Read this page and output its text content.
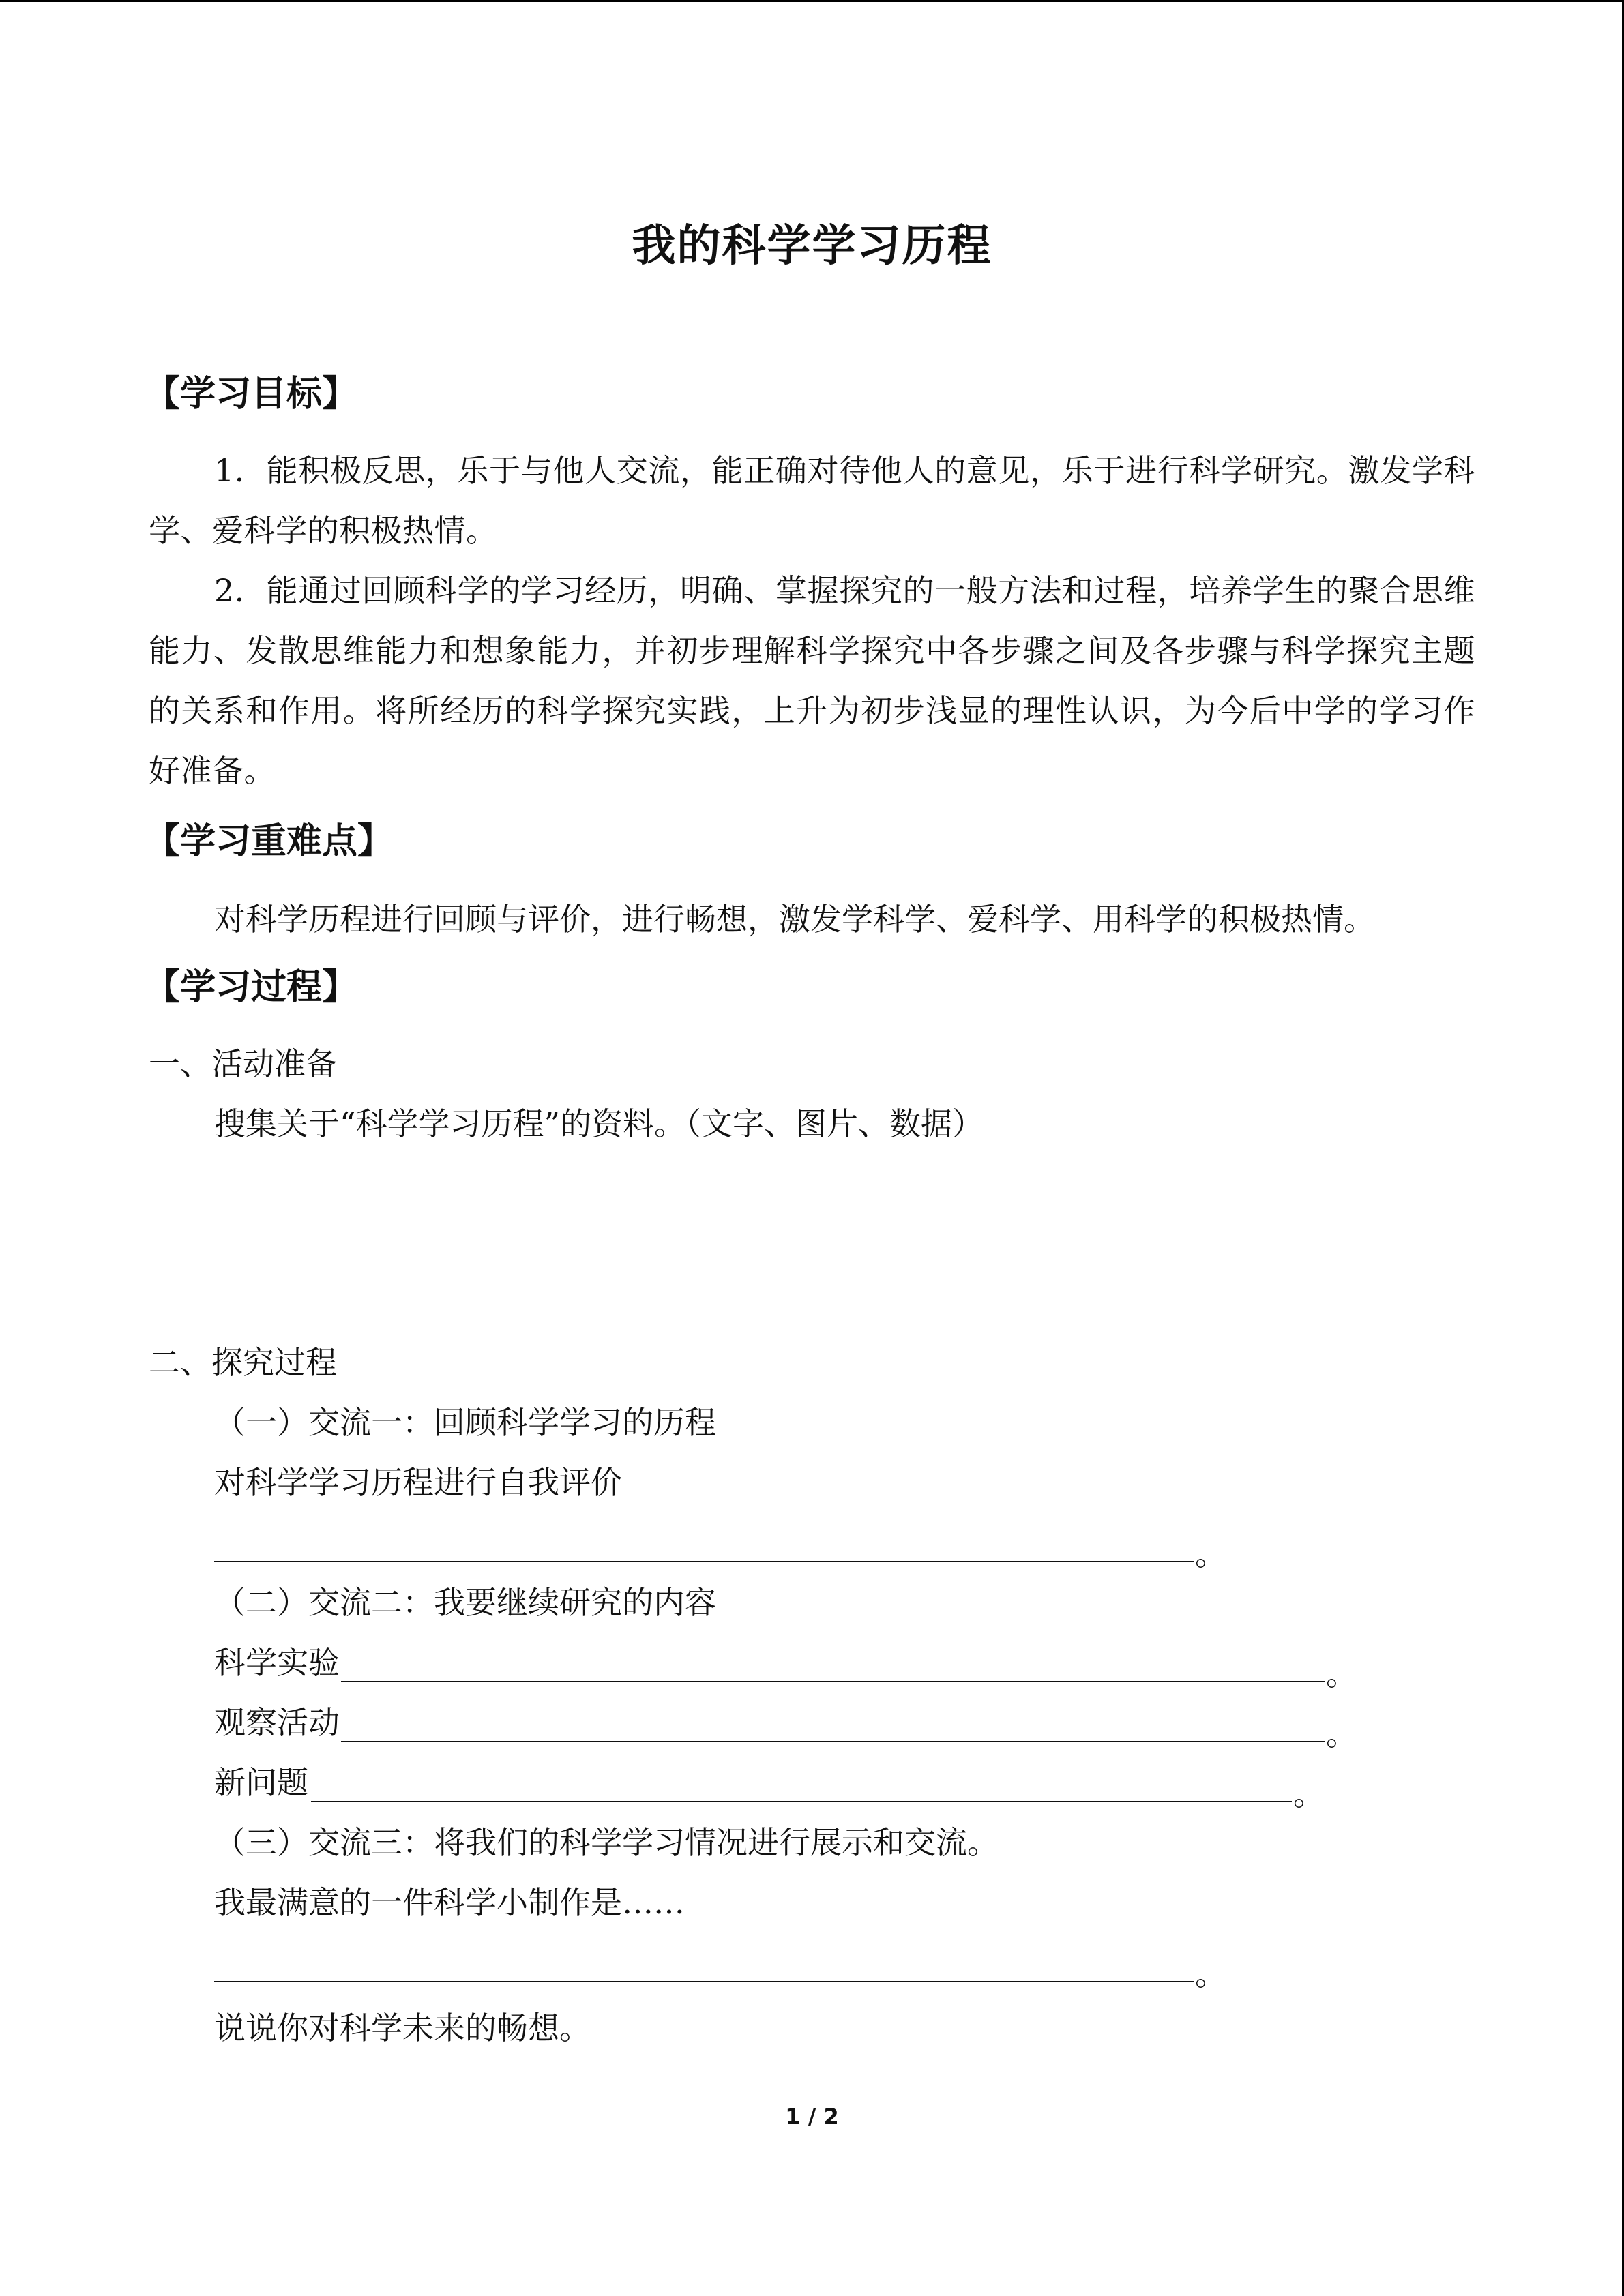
我的科学学习历程
【学习目标】
1．能积极反思，乐于与他人交流，能正确对待他人的意见，乐于进行科学研究。激发学科学、爱科学的积极热情。
2．能通过回顾科学的学习经历，明确、掌握探究的一般方法和过程，培养学生的聚合思维能力、发散思维能力和想象能力，并初步理解科学探究中各步骤之间及各步骤与科学探究主题的关系和作用。将所经历的科学探究实践，上升为初步浅显的理性认识，为今后中学的学习作好准备。
【学习重难点】
对科学历程进行回顾与评价，进行畅想，激发学科学、爱科学、用科学的积极热情。
【学习过程】
一、活动准备
搜集关于“科学学习历程”的资料。（文字、图片、数据）
二、探究过程
（一）交流一：回顾科学学习的历程
对科学学习历程进行自我评价
。
（二）交流二：我要继续研究的内容
科学实验	。
观察活动	。
新问题	。
（三）交流三：将我们的科学学习情况进行展示和交流。
我最满意的一件科学小制作是……
。
说说你对科学未来的畅想。
1 / 2
